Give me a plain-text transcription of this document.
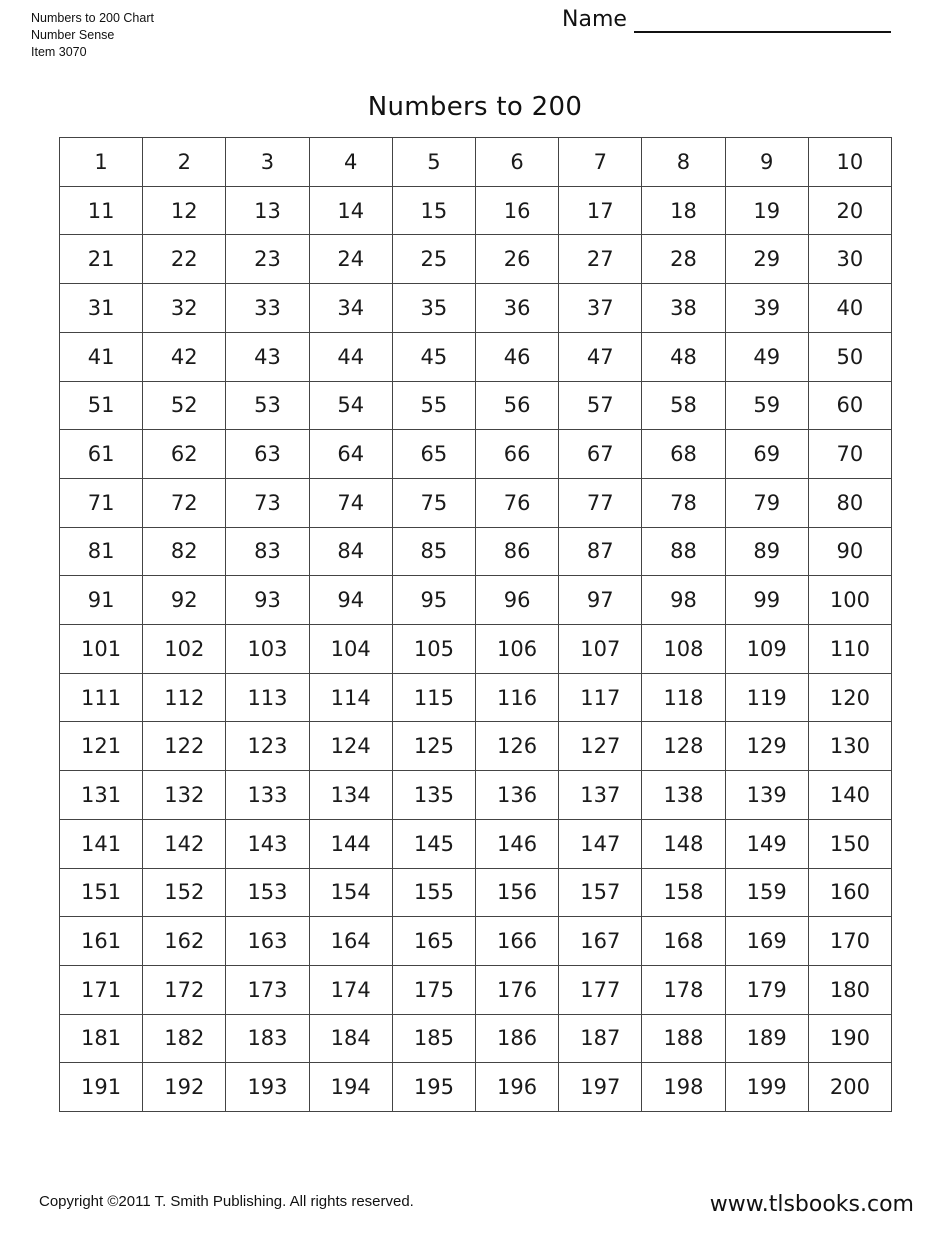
Numbers to 200 Chart
Number Sense
Item 3070
Name
Numbers to 200
1	2	3	4	5	6	7	8	9	10
11	12	13	14	15	16	17	18	19	20
21	22	23	24	25	26	27	28	29	30
31	32	33	34	35	36	37	38	39	40
41	42	43	44	45	46	47	48	49	50
51	52	53	54	55	56	57	58	59	60
61	62	63	64	65	66	67	68	69	70
71	72	73	74	75	76	77	78	79	80
81	82	83	84	85	86	87	88	89	90
91	92	93	94	95	96	97	98	99	100
101	102	103	104	105	106	107	108	109	110
111	112	113	114	115	116	117	118	119	120
121	122	123	124	125	126	127	128	129	130
131	132	133	134	135	136	137	138	139	140
141	142	143	144	145	146	147	148	149	150
151	152	153	154	155	156	157	158	159	160
161	162	163	164	165	166	167	168	169	170
171	172	173	174	175	176	177	178	179	180
181	182	183	184	185	186	187	188	189	190
191	192	193	194	195	196	197	198	199	200
Copyright ©2011 T. Smith Publishing. All rights reserved.	www.tlsbooks.com
